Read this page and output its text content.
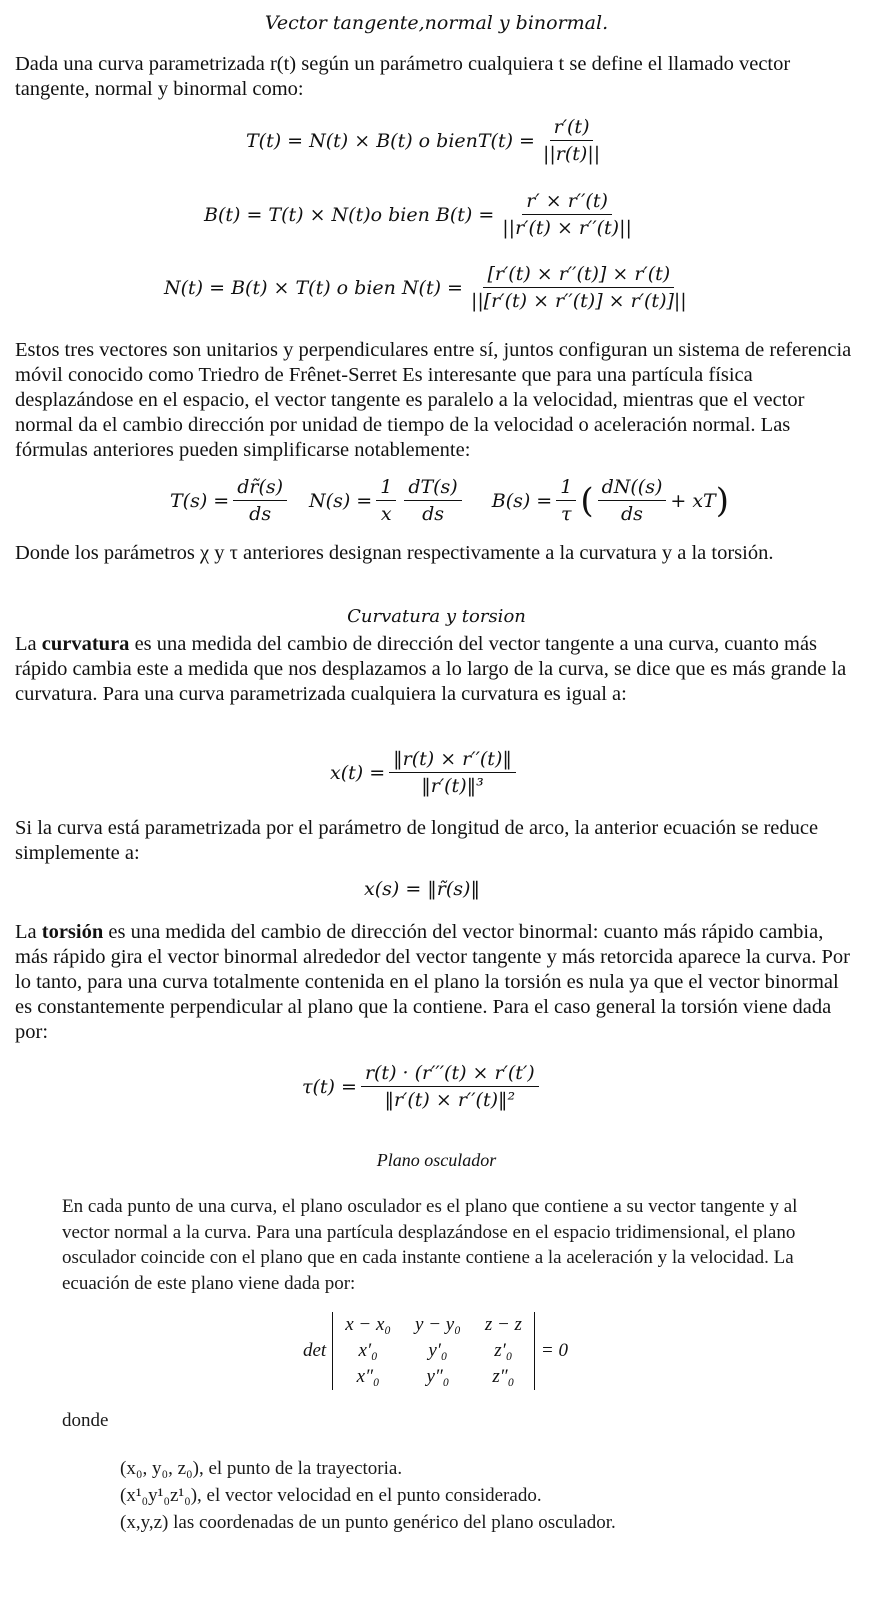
Vector tangente,normal y binormal.

Dada una curva parametrizada r(t) según un parámetro cualquiera t se define el llamado vector tangente, normal y binormal como:

T(t) = N(t) × B(t) o bienT(t) = $\frac{r'(t)}{||r(t)||}$
B(t) = T(t) × N(t)o bien $B(t) = \frac{r' \times r''(t)}{||r'(t) \times r''(t)||}$
N(t) = B(t) × T(t) o bien $N(t) = \frac{[r'(t) \times r''(t)] \times r'(t)}{||[r'(t) \times r''(t)] \times r'(t)]||}$

Estos tres vectores son unitarios y perpendiculares entre sí, juntos configuran un sistema de referencia móvil conocido como Triedro de Frênet-Serret Es interesante que para una partícula física desplazándose en el espacio, el vector tangente es paralelo a la velocidad, mientras que el vector normal da el cambio dirección por unidad de tiempo de la velocidad o aceleración normal. Las fórmulas anteriores pueden simplificarse notablemente:

$T(s) = \frac{dr̃(s)}{ds} N(s) = \frac{1}{x} \frac{dT(s)}{ds} B(s) = \frac{1}{\tau}$ ( $\frac{dN((s)}{ds}$ + xT )

Donde los parámetros χ y τ anteriores designan respectivamente a la curvatura y a la torsión.

Curvatura y torsion

La curvatura es una medida del cambio de dirección del vector tangente a una curva, cuanto más rápido cambia este a medida que nos desplazamos a lo largo de la curva, se dice que es más grande la curvatura. Para una curva parametrizada cualquiera la curvatura es igual a:

$x(t) = \frac{‖r(t) \times r''(t)‖}{\text{‖r′(t)‖³}}$

Si la curva está parametrizada por el parámetro de longitud de arco, la anterior ecuación se reduce simplemente a:

x(s) = ‖r̃(s)‖

La torsión es una medida del cambio de dirección del vector binormal: cuanto más rápido cambia, más rápido gira el vector binormal alrededor del vector tangente y más retorcida aparece la curva. Por lo tanto, para una curva totalmente contenida en el plano la torsión es nula ya que el vector binormal es constantemente perpendicular al plano que la contiene. Para el caso general la torsión viene dada por:

$\tau(t) = \frac{r(t) \cdot (r'''(t) \times r'(t')}{\text{‖r′(t) × r′′(t)‖²}}$
Plano osculador

En cada punto de una curva, el plano osculador es el plano que contiene a su vector tangente y al vector normal a la curva. Para una partícula desplazándose en el espacio tridimensional, el plano osculador coincide con el plano que en cada instante contiene a la aceleración y la velocidad. La ecuación de este plano viene dada por:

det
x − x₀	y − y₀	z − z
x′₀	y′₀	z′₀
x″₀	y″₀	z″₀
= 0
donde
(x₀, y₀, z₀), el punto de la trayectoria.
(x¹₀y¹₀z¹₀), el vector velocidad en el punto considerado.
(x,y,z) las coordenadas de un punto genérico del plano osculador.
